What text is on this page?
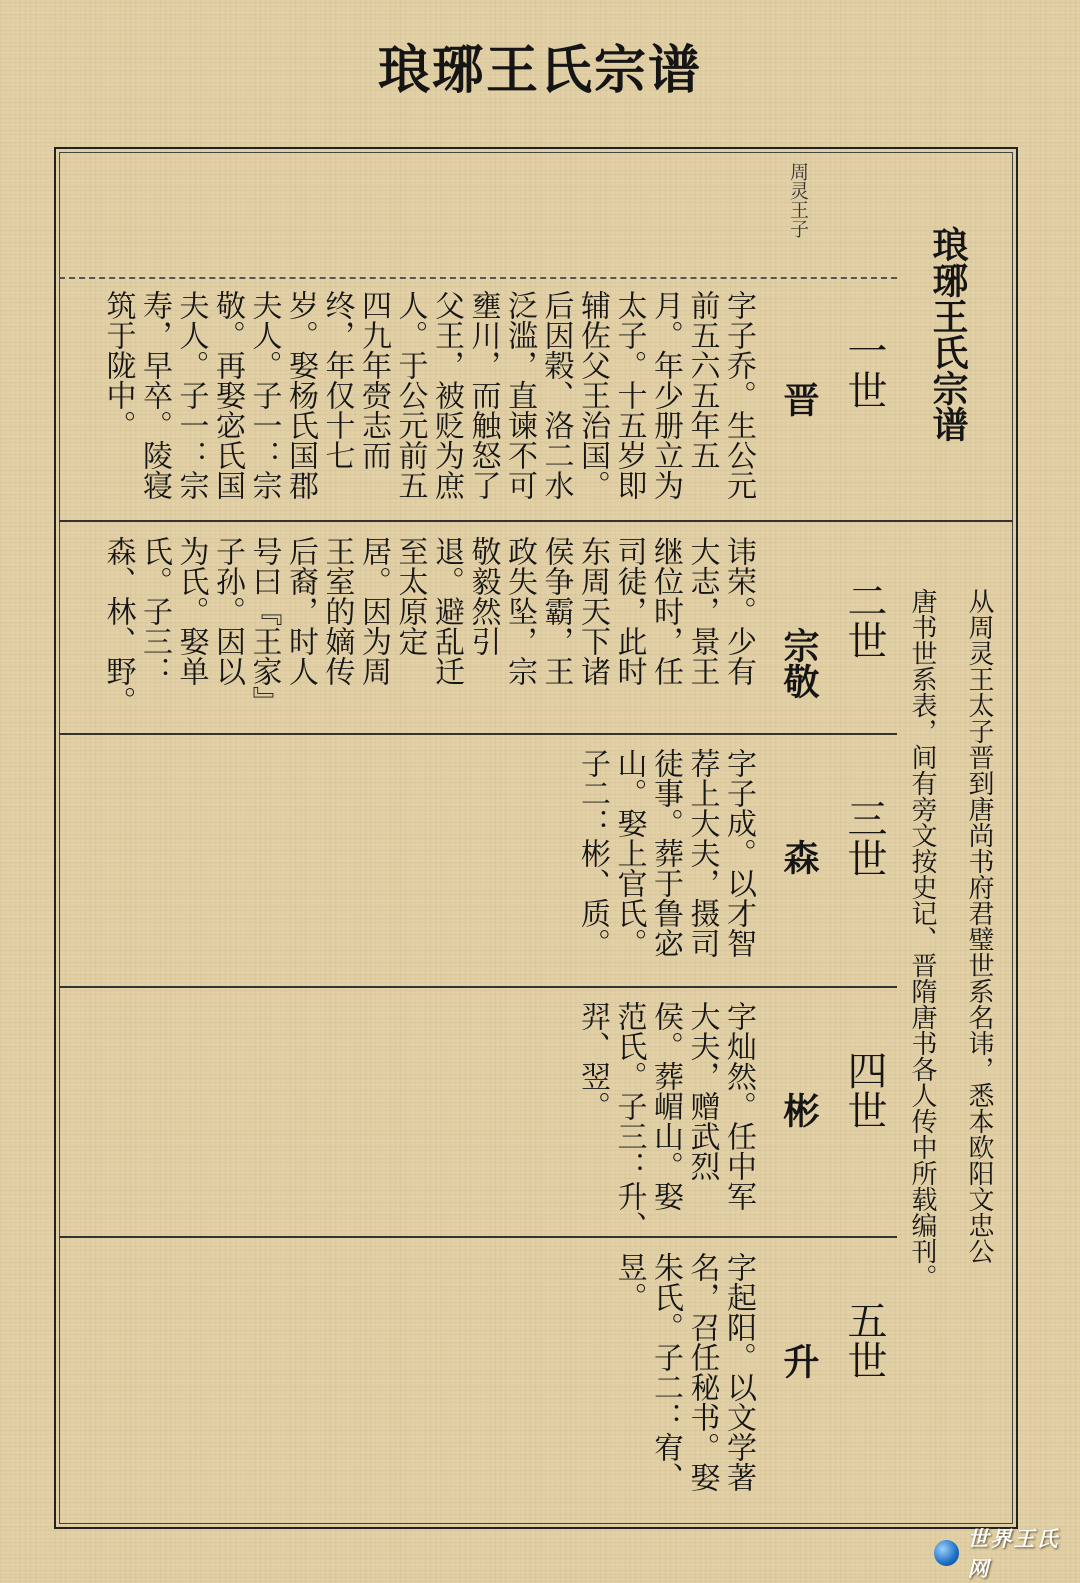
琅琊王氏宗谱
琅琊王氏宗谱
从周灵王太子晋到唐尚书府君璧世系名讳，悉本欧阳文忠公
唐书世系表，间有旁文按史记、晋隋唐书各人传中所载编刊。
周灵王子
一世
晋
字子乔。生公元
前五六五年五
月。年少册立为
太子。十五岁即
辅佐父王治国。
后因榖、洛二水
泛滥，直谏不可
壅川，而触怒了
父王，被贬为庶
人。于公元前五
四九年赍志而
终，年仅十七
岁。娶杨氏国郡
夫人。子一：宗
敬。再娶宓氏国
夫人。子一：宗
寿，早卒。陵寝
筑于陇中。
二世
宗敬
讳荣。少有
大志，景王
继位时，任
司徒，此时
东周天下诸
侯争霸，王
政失坠，宗
敬毅然引
退。避乱迁
至太原定
居。因为周
王室的嫡传
后裔，时人
号曰『王家』
子孙。因以
为氏。娶单
氏。子三：
森、林、野。
三世
森
字子成。以才智
荐上大夫，摄司
徒事。葬于鲁宓
山。娶上官氏。
子二：彬、质。
四世
彬
字灿然。任中军
大夫，赠武烈
侯。葬嵋山。娶
范氏。子三：升、
羿、翌。
五世
升
字起阳。以文学著
名，召任秘书。娶
朱氏。子二：宥、
昱。
世界王氏网
